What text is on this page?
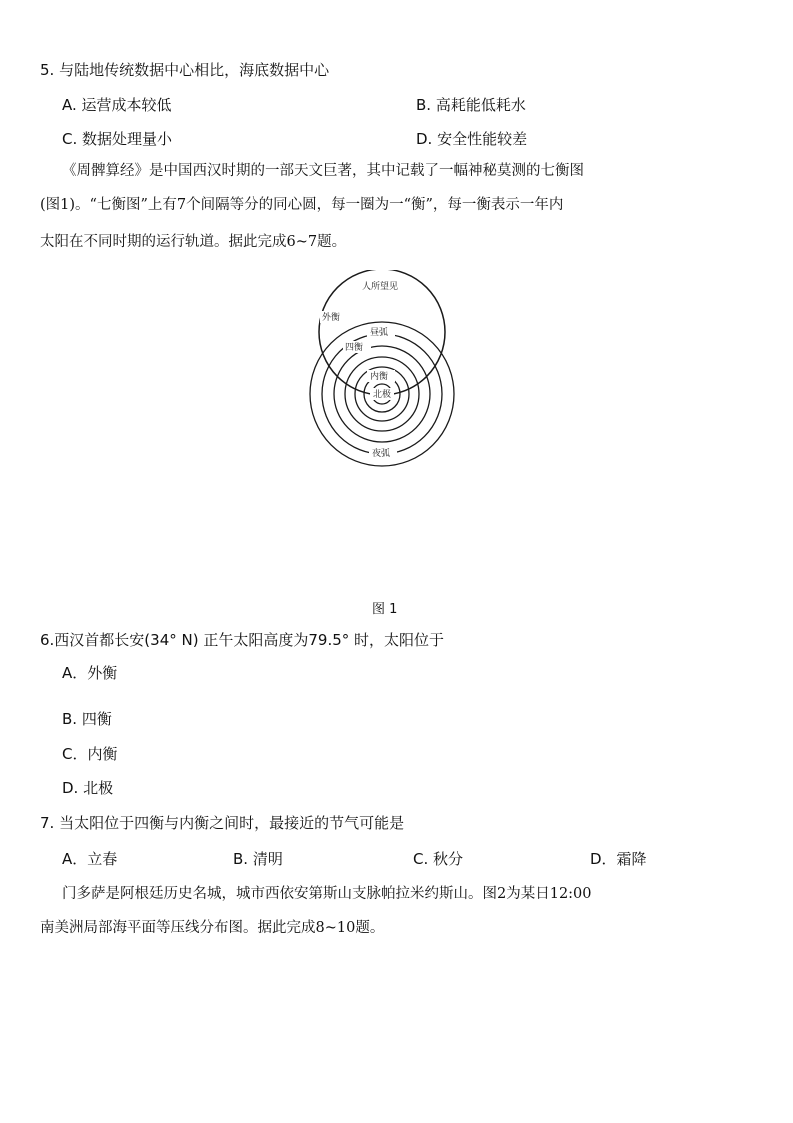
5. 与陆地传统数据中心相比，海底数据中心
A. 运营成本较低	B. 高耗能低耗水
C. 数据处理量小	D. 安全性能较差
《周髀算经》是中国西汉时期的一部天文巨著，其中记载了一幅神秘莫测的七衡图
(图1)。“七衡图”上有7个间隔等分的同心圆，每一圈为一“衡”，每一衡表示一年内
太阳在不同时期的运行轨道。据此完成6~7题。
人所望见
外衡
昼弧
四衡
内衡
北极
夜弧
图 1
6.西汉首都长安(34° N) 正午太阳高度为79.5° 时，太阳位于
A．外衡
B. 四衡
C．内衡
D. 北极
7. 当太阳位于四衡与内衡之间时，最接近的节气可能是
A．立春	B. 清明	C. 秋分	D．霜降
门多萨是阿根廷历史名城，城市西依安第斯山支脉帕拉米约斯山。图2为某日12:00
南美洲局部海平面等压线分布图。据此完成8~10题。
